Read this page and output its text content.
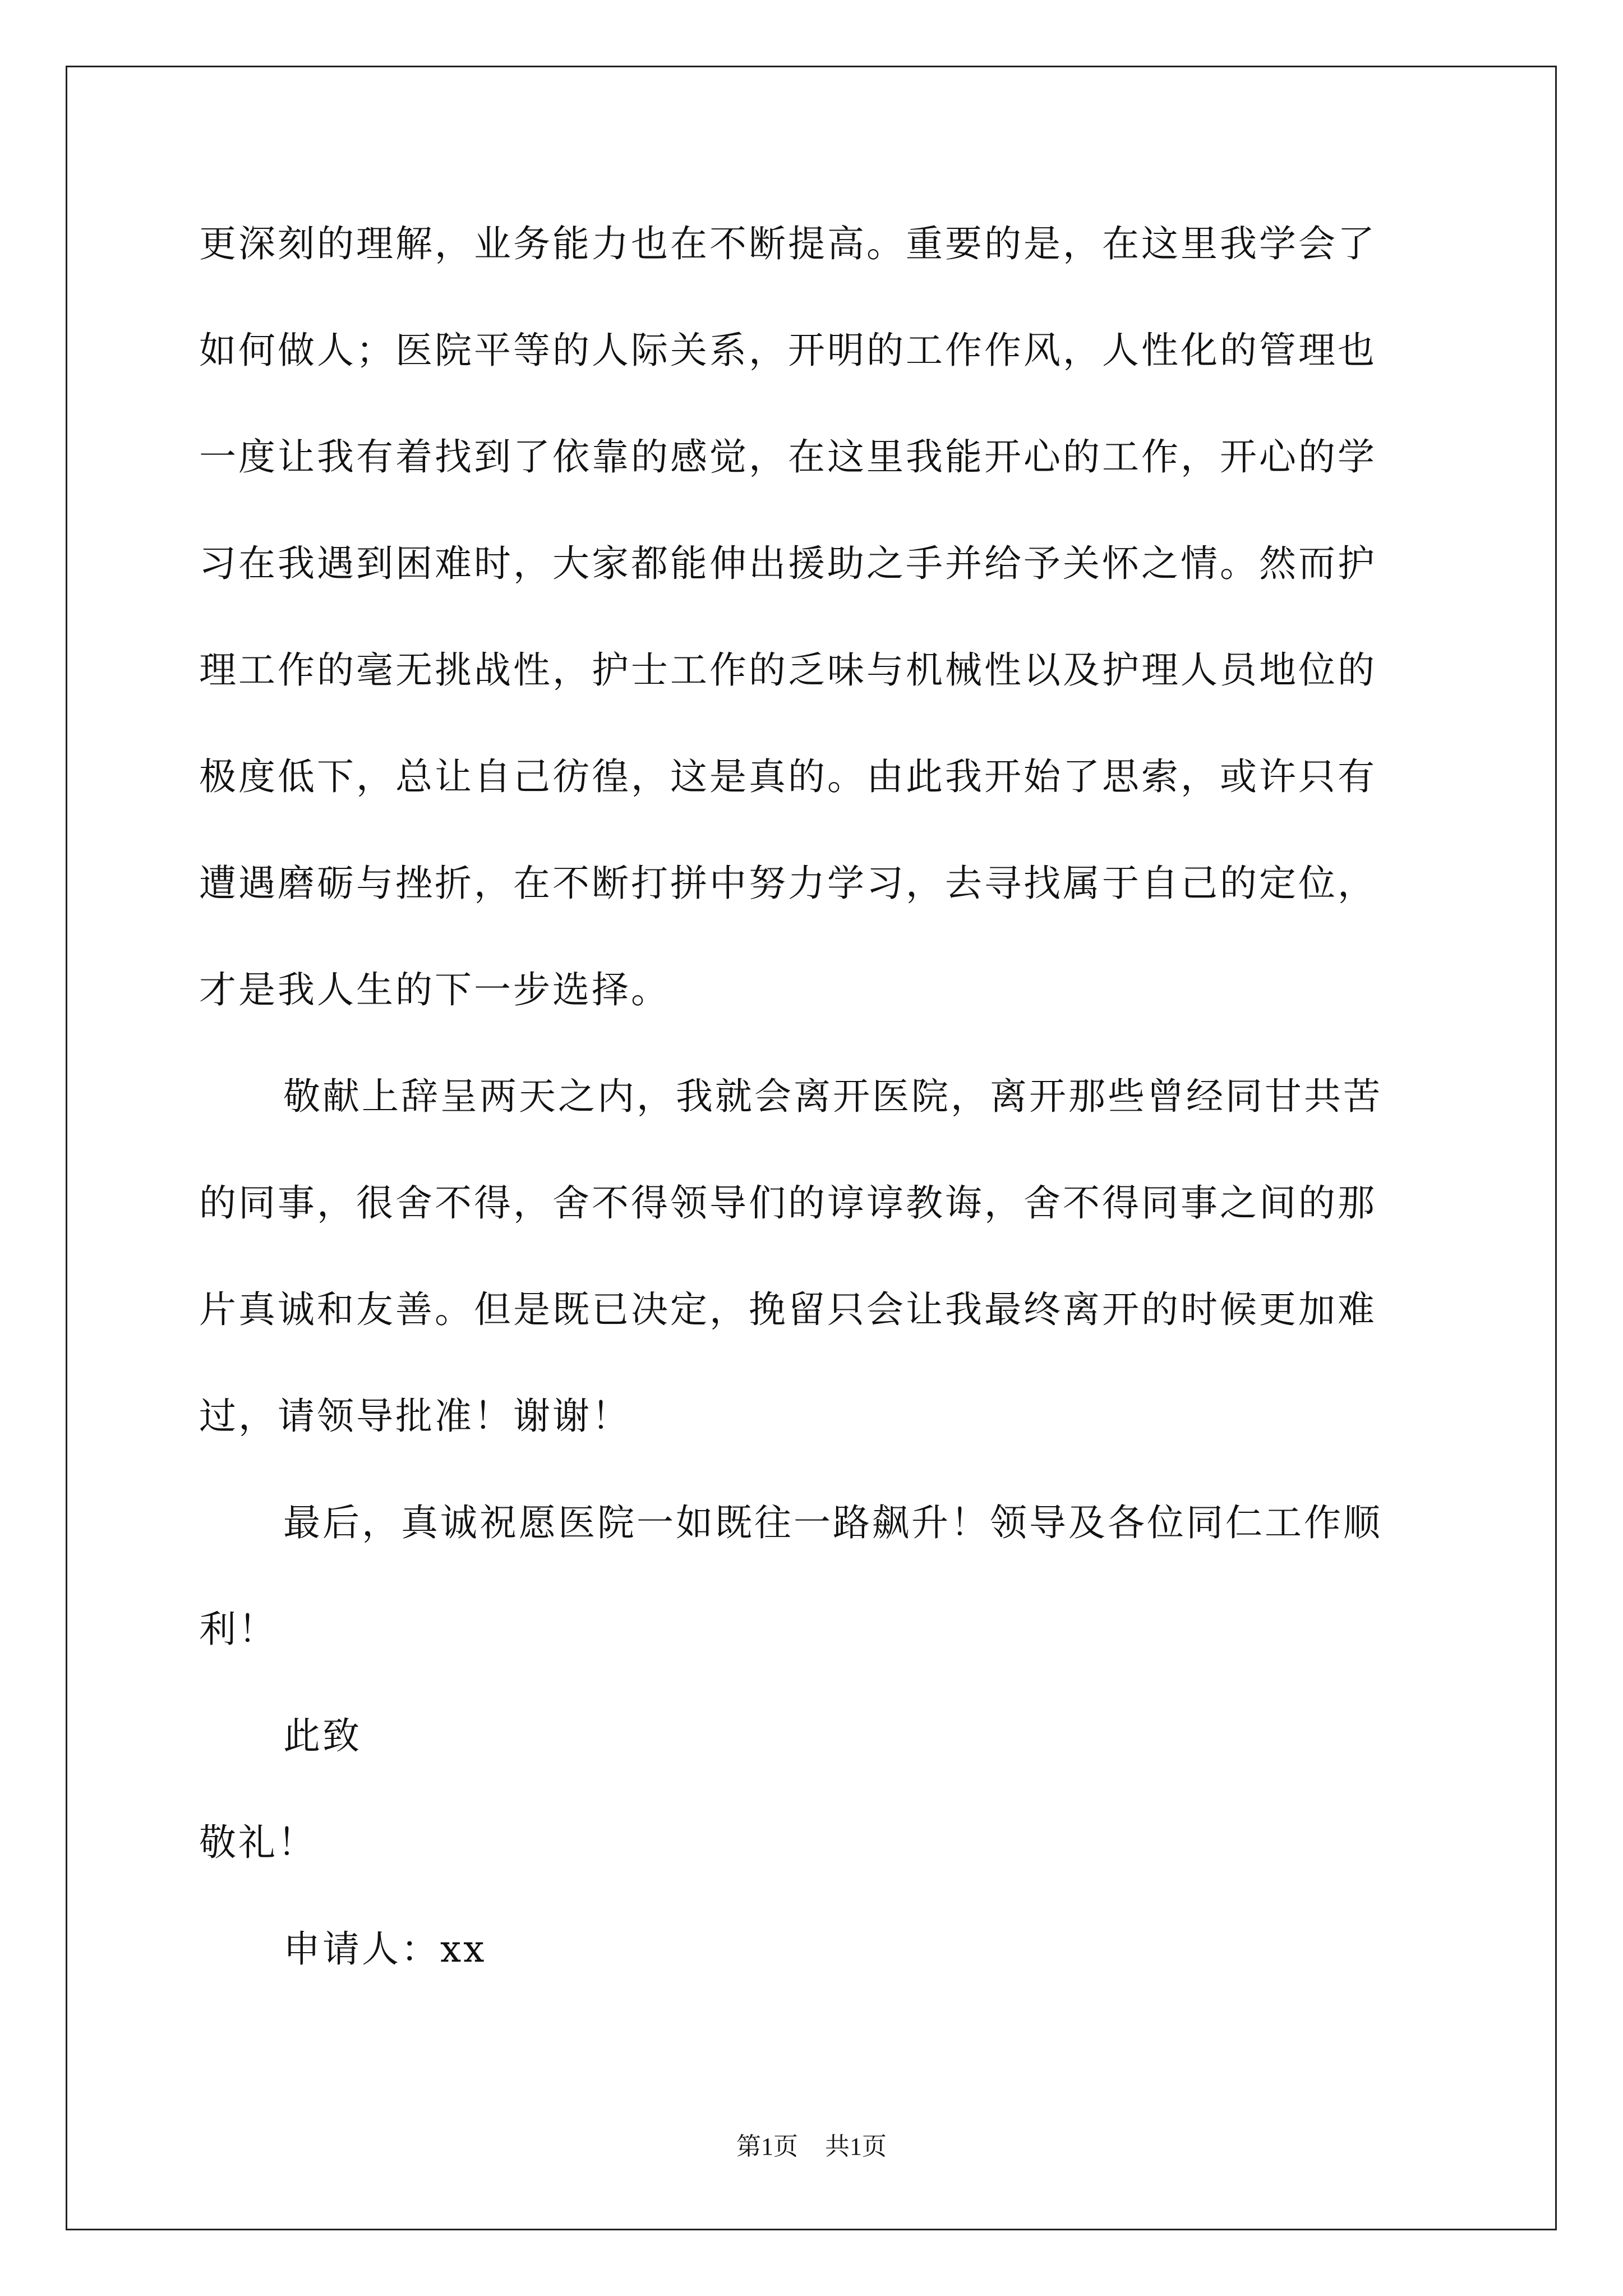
更深刻的理解，业务能力也在不断提高。重要的是，在这里我学会了
如何做人；医院平等的人际关系，开明的工作作风，人性化的管理也
一度让我有着找到了依靠的感觉，在这里我能开心的工作，开心的学
习在我遇到困难时，大家都能伸出援助之手并给予关怀之情。然而护
理工作的毫无挑战性，护士工作的乏味与机械性以及护理人员地位的
极度低下，总让自己彷徨，这是真的。由此我开始了思索，或许只有
遭遇磨砺与挫折，在不断打拼中努力学习，去寻找属于自己的定位，
才是我人生的下一步选择。
敬献上辞呈两天之内，我就会离开医院，离开那些曾经同甘共苦
的同事，很舍不得，舍不得领导们的谆谆教诲，舍不得同事之间的那
片真诚和友善。但是既已决定，挽留只会让我最终离开的时候更加难
过，请领导批准！谢谢！
最后，真诚祝愿医院一如既往一路飙升！领导及各位同仁工作顺
利！
此致
敬礼！
申请人：xx
第1页 共1页
